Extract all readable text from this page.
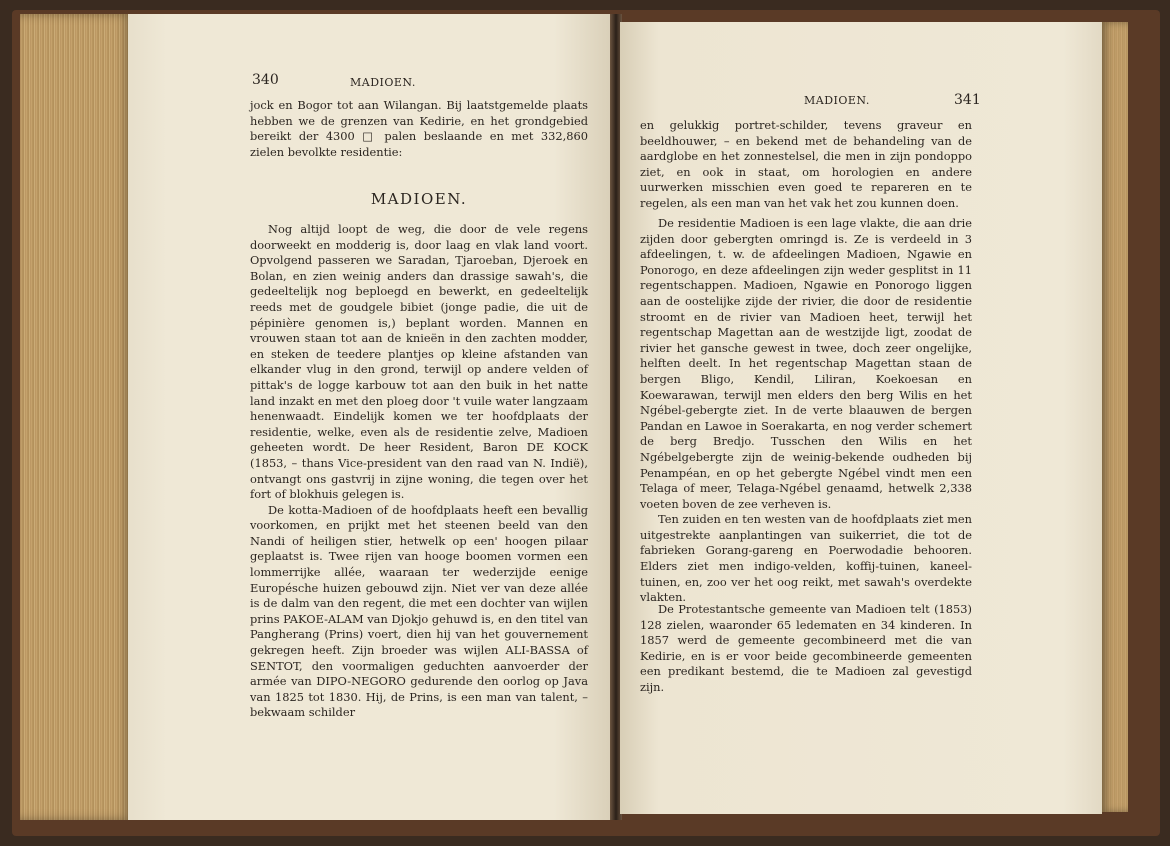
340	MADIOEN.

jock en Bogor tot aan Wilangan. Bij laatstgemelde plaats hebben we de grenzen van Kedirie, en het grondgebied bereikt der 4300 □ palen beslaande en met 332,860 zielen bevolkte residentie:

MADIOEN.

Nog altijd loopt de weg, die door de vele regens doorweekt en modderig is, door laag en vlak land voort. Opvolgend passeren we Saradan, Tjaroeban, Djeroek en Bolan, en zien weinig anders dan drassige sawah's, die gedeeltelijk nog beploegd en bewerkt, en gedeeltelijk reeds met de goudgele bibiet (jonge padie, die uit de pépinière genomen is,) beplant worden. Mannen en vrouwen staan tot aan de knieën in den zachten modder, en steken de teedere plantjes op kleine afstanden van elkander vlug in den grond, terwijl op andere velden of pittak's de logge karbouw tot aan den buik in het natte land inzakt en met den ploeg door 't vuile water langzaam henenwaadt. Eindelijk komen we ter hoofdplaats der residentie, welke, even als de residentie zelve, Madioen geheeten wordt. De heer Resident, Baron DE KOCK (1853, – thans Vice-president van den raad van N. Indië), ontvangt ons gastvrij in zijne woning, die tegen over het fort of blokhuis gelegen is.

De kotta-Madioen of de hoofdplaats heeft een bevallig voorkomen, en prijkt met het steenen beeld van den Nandi of heiligen stier, hetwelk op een' hoogen pilaar geplaatst is. Twee rijen van hooge boomen vormen een lommerrijke allée, waaraan ter wederzijde eenige Europésche huizen gebouwd zijn. Niet ver van deze allée is de dalm van den regent, die met een dochter van wijlen prins PAKOE-ALAM van Djokjo gehuwd is, en den titel van Pangherang (Prins) voert, dien hij van het gouvernement gekregen heeft. Zijn broeder was wijlen ALI-BASSA of SENTOT, den voormaligen geduchten aanvoerder der armée van DIPO-NEGORO gedurende den oorlog op Java van 1825 tot 1830. Hij, de Prins, is een man van talent, – bekwaam schilder

MADIOEN.	341

en gelukkig portret-schilder, tevens graveur en beeldhouwer, – en bekend met de behandeling van de aardglobe en het zonnestelsel, die men in zijn pondoppo ziet, en ook in staat, om horologien en andere uurwerken misschien even goed te repareren en te regelen, als een man van het vak het zou kunnen doen.

De residentie Madioen is een lage vlakte, die aan drie zijden door gebergten omringd is. Ze is verdeeld in 3 afdeelingen, t. w. de afdeelingen Madioen, Ngawie en Ponorogo, en deze afdeelingen zijn weder gesplitst in 11 regentschappen. Madioen, Ngawie en Ponorogo liggen aan de oostelijke zijde der rivier, die door de residentie stroomt en de rivier van Madioen heet, terwijl het regentschap Magettan aan de westzijde ligt, zoodat de rivier het gansche gewest in twee, doch zeer ongelijke, helften deelt. In het regentschap Magettan staan de bergen Bligo, Kendil, Liliran, Koekoesan en Koewarawan, terwijl men elders den berg Wilis en het Ngébel-gebergte ziet. In de verte blaauwen de bergen Pandan en Lawoe in Soerakarta, en nog verder schemert de berg Bredjo. Tusschen den Wilis en het Ngébelgebergte zijn de weinig-bekende oudheden bij Penampéan, en op het gebergte Ngébel vindt men een Telaga of meer, Telaga-Ngébel genaamd, hetwelk 2,338 voeten boven de zee verheven is.

Ten zuiden en ten westen van de hoofdplaats ziet men uitgestrekte aanplantingen van suikerriet, die tot de fabrieken Gorang-gareng en Poerwodadie behooren. Elders ziet men indigo-velden, koffij-tuinen, kaneel-tuinen, en, zoo ver het oog reikt, met sawah's overdekte vlakten.

De Protestantsche gemeente van Madioen telt (1853) 128 zielen, waaronder 65 ledematen en 34 kinderen. In 1857 werd de gemeente gecombineerd met die van Kedirie, en is er voor beide gecombineerde gemeenten een predikant bestemd, die te Madioen zal gevestigd zijn.
